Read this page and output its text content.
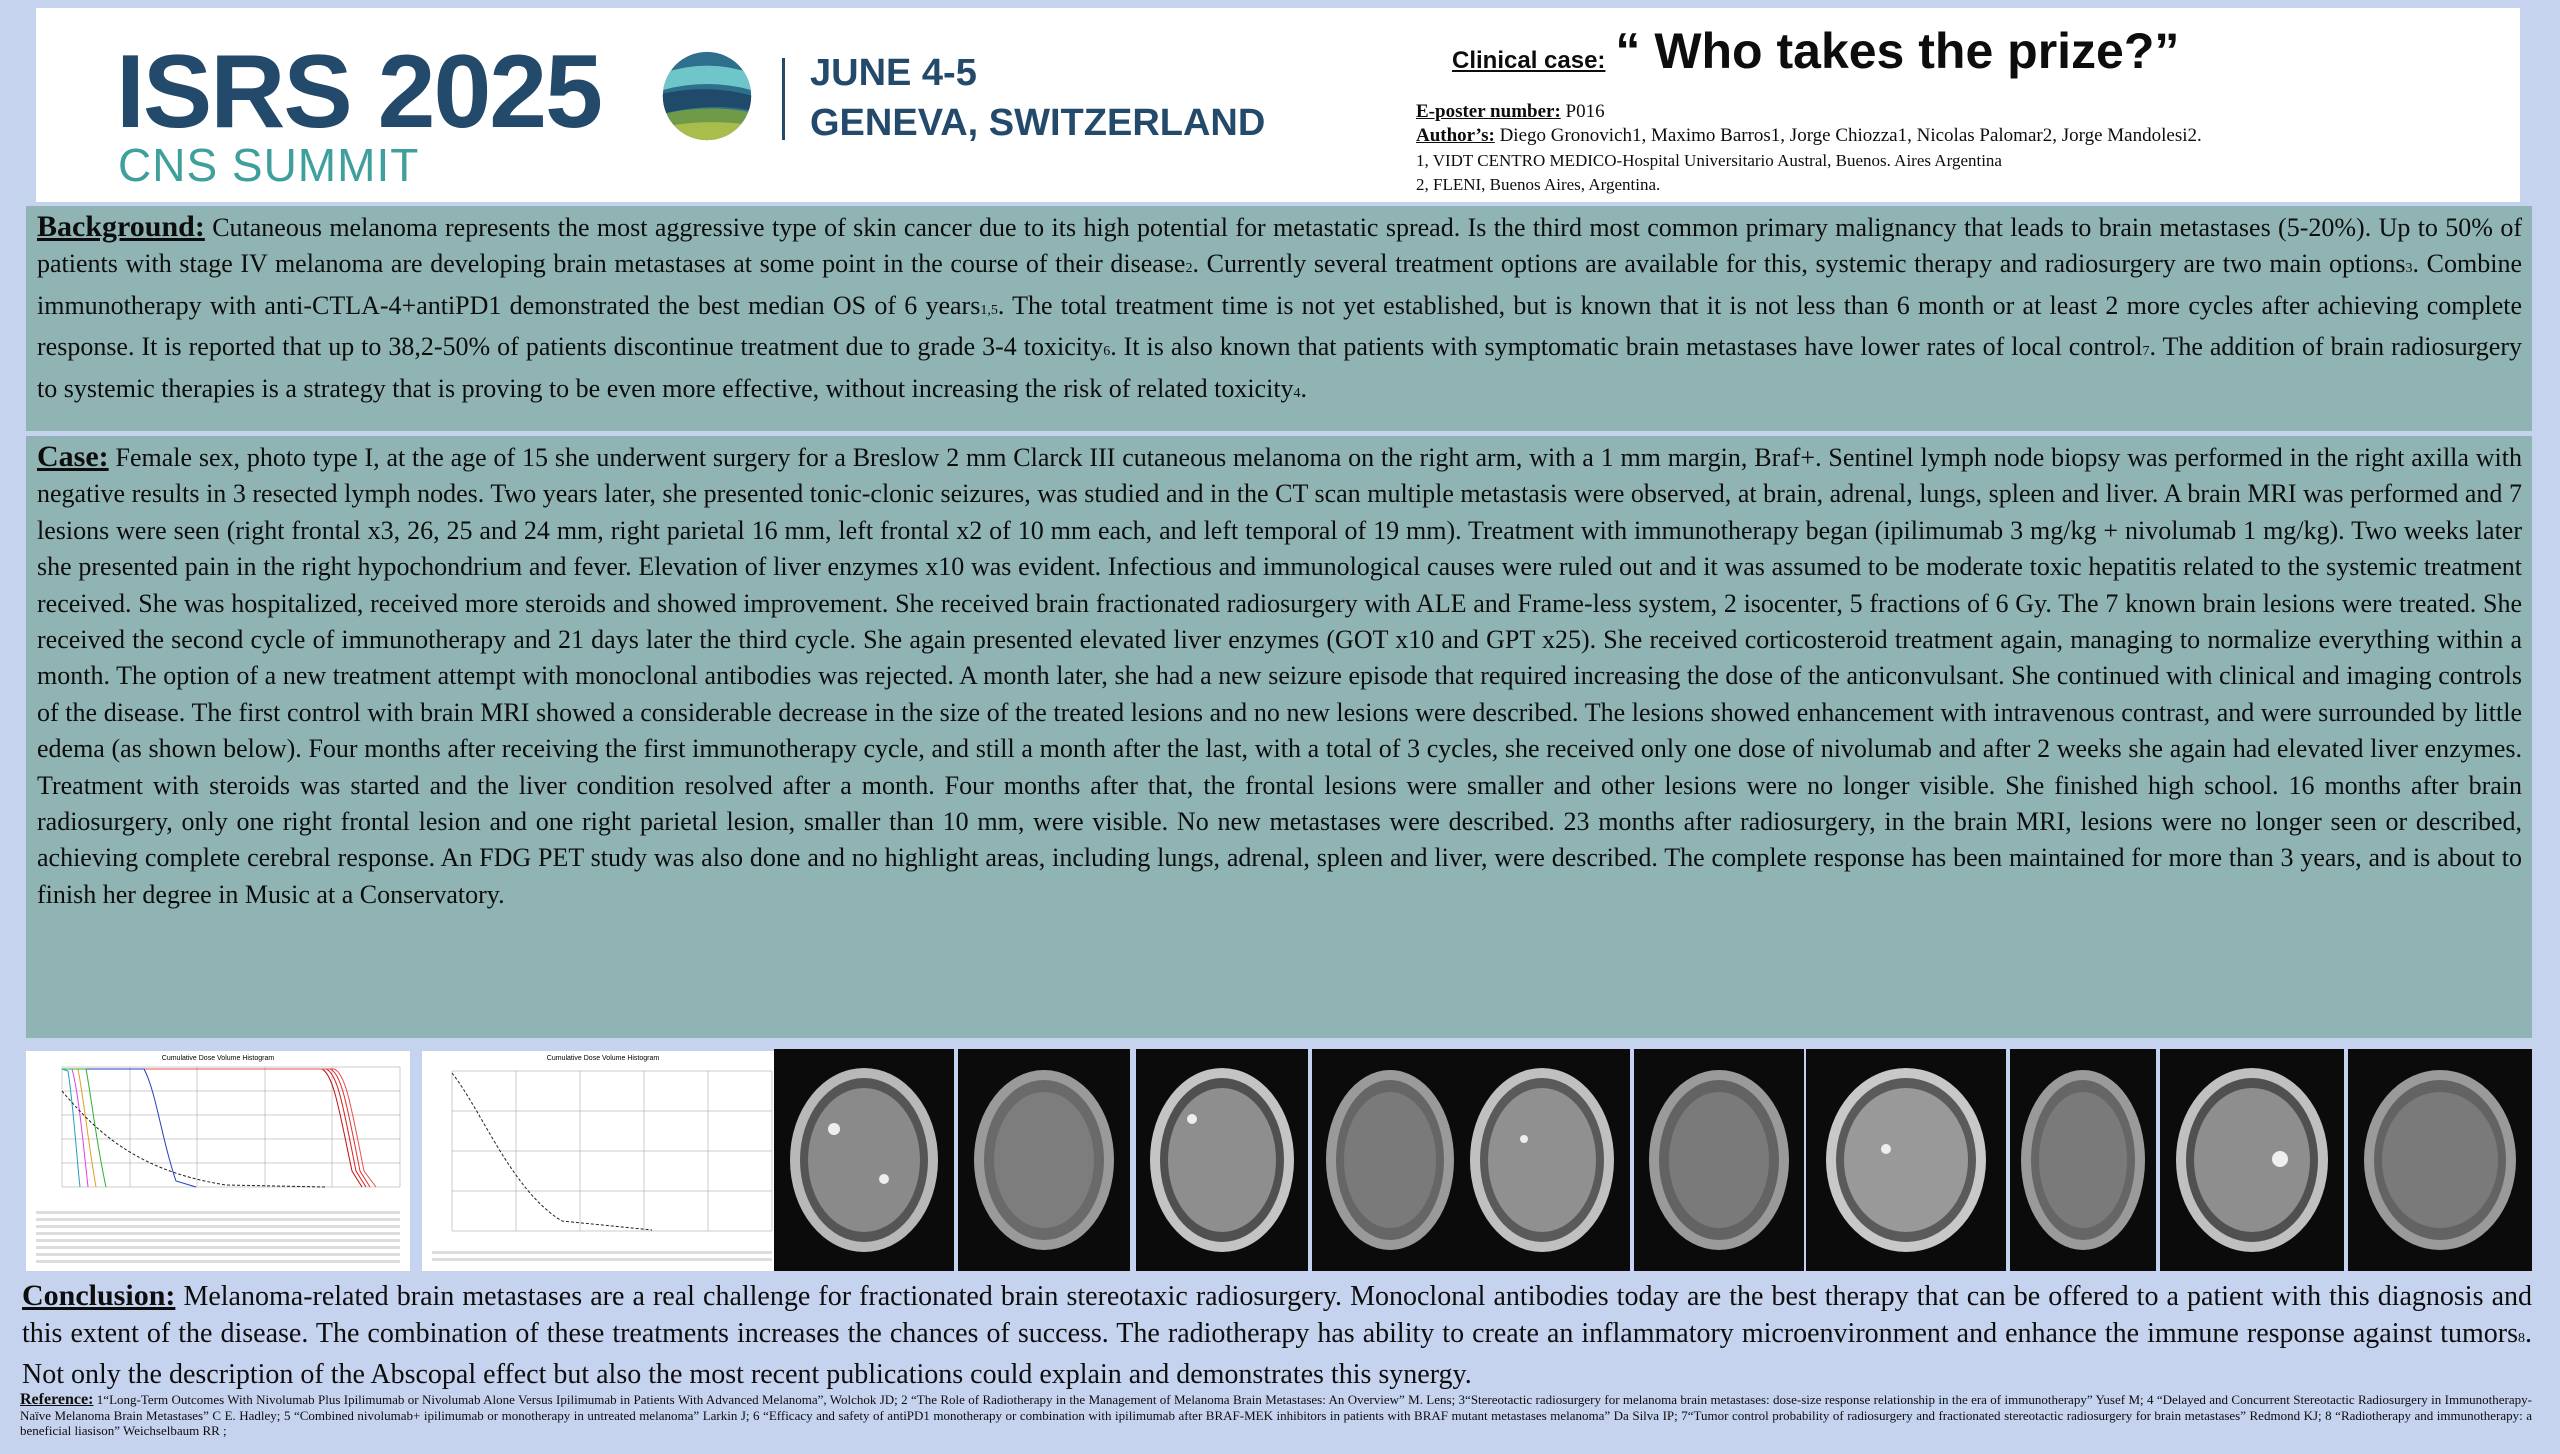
ISRS 2025
CNS SUMMIT
JUNE 4-5
GENEVA, SWITZERLAND
Clinical case: “ Who takes the prize?”
E-poster number: P016
Author’s: Diego Gronovich1, Maximo Barros1, Jorge Chiozza1, Nicolas Palomar2, Jorge Mandolesi2.
1, VIDT CENTRO MEDICO-Hospital Universitario Austral, Buenos. Aires Argentina
2, FLENI, Buenos Aires, Argentina.
Background: Cutaneous melanoma represents the most aggressive type of skin cancer due to its high potential for metastatic spread. Is the third most common primary malignancy that leads to brain metastases (5-20%). Up to 50% of patients with stage IV melanoma are developing brain metastases at some point in the course of their disease2. Currently several treatment options are available for this, systemic therapy and radiosurgery are two main options3. Combine immunotherapy with anti-CTLA-4+antiPD1 demonstrated the best median OS of 6 years1,5. The total treatment time is not yet established, but is known that it is not less than 6 month or at least 2 more cycles after achieving complete response. It is reported that up to 38,2-50% of patients discontinue treatment due to grade 3-4 toxicity6. It is also known that patients with symptomatic brain metastases have lower rates of local control7. The addition of brain radiosurgery to systemic therapies is a strategy that is proving to be even more effective, without increasing the risk of related toxicity4.
Case: Female sex, photo type I, at the age of 15 she underwent surgery for a Breslow 2 mm Clarck III cutaneous melanoma on the right arm, with a 1 mm margin, Braf+. Sentinel lymph node biopsy was performed in the right axilla with negative results in 3 resected lymph nodes. Two years later, she presented tonic-clonic seizures, was studied and in the CT scan multiple metastasis were observed, at brain, adrenal, lungs, spleen and liver. A brain MRI was performed and 7 lesions were seen (right frontal x3, 26, 25 and 24 mm, right parietal 16 mm, left frontal x2 of 10 mm each, and left temporal of 19 mm). Treatment with immunotherapy began (ipilimumab 3 mg/kg + nivolumab 1 mg/kg). Two weeks later she presented pain in the right hypochondrium and fever. Elevation of liver enzymes x10 was evident. Infectious and immunological causes were ruled out and it was assumed to be moderate toxic hepatitis related to the systemic treatment received. She was hospitalized, received more steroids and showed improvement. She received brain fractionated radiosurgery with ALE and Frame-less system, 2 isocenter, 5 fractions of 6 Gy. The 7 known brain lesions were treated. She received the second cycle of immunotherapy and 21 days later the third cycle. She again presented elevated liver enzymes (GOT x10 and GPT x25). She received corticosteroid treatment again, managing to normalize everything within a month. The option of a new treatment attempt with monoclonal antibodies was rejected. A month later, she had a new seizure episode that required increasing the dose of the anticonvulsant. She continued with clinical and imaging controls of the disease. The first control with brain MRI showed a considerable decrease in the size of the treated lesions and no new lesions were described. The lesions showed enhancement with intravenous contrast, and were surrounded by little edema (as shown below). Four months after receiving the first immunotherapy cycle, and still a month after the last, with a total of 3 cycles, she received only one dose of nivolumab and after 2 weeks she again had elevated liver enzymes. Treatment with steroids was started and the liver condition resolved after a month. Four months after that, the frontal lesions were smaller and other lesions were no longer visible. She finished high school. 16 months after brain radiosurgery, only one right frontal lesion and one right parietal lesion, smaller than 10 mm, were visible. No new metastases were described. 23 months after radiosurgery, in the brain MRI, lesions were no longer seen or described, achieving complete cerebral response. An FDG PET study was also done and no highlight areas, including lungs, adrenal, spleen and liver, were described. The complete response has been maintained for more than 3 years, and is about to finish her degree in Music at a Conservatory.
Cumulative Dose Volume Histogram	Cumulative Dose Volume Histogram
Conclusion: Melanoma-related brain metastases are a real challenge for fractionated brain stereotaxic radiosurgery. Monoclonal antibodies today are the best therapy that can be offered to a patient with this diagnosis and this extent of the disease. The combination of these treatments increases the chances of success. The radiotherapy has ability to create an inflammatory microenvironment and enhance the immune response against tumors8. Not only the description of the Abscopal effect but also the most recent publications could explain and demonstrates this synergy.
Reference: 1“Long-Term Outcomes With Nivolumab Plus Ipilimumab or Nivolumab Alone Versus Ipilimumab in Patients With Advanced Melanoma”, Wolchok JD; 2 “The Role of Radiotherapy in the Management of Melanoma Brain Metastases: An Overview” M. Lens; 3“Stereotactic radiosurgery for melanoma brain metastases: dose-size response relationship in the era of immunotherapy” Yusef M; 4 “Delayed and Concurrent Stereotactic Radiosurgery in Immunotherapy-Naïve Melanoma Brain Metastases” C E. Hadley; 5 “Combined nivolumab+ ipilimumab or monotherapy in untreated melanoma” Larkin J; 6 “Efficacy and safety of antiPD1 monotherapy or combination with ipilimumab after BRAF-MEK inhibitors in patients with BRAF mutant metastases melanoma” Da Silva IP; 7“Tumor control probability of radiosurgery and fractionated stereotactic radiosurgery for brain metastases” Redmond KJ; 8 “Radiotherapy and immunotherapy: a beneficial liasison” Weichselbaum RR ;
